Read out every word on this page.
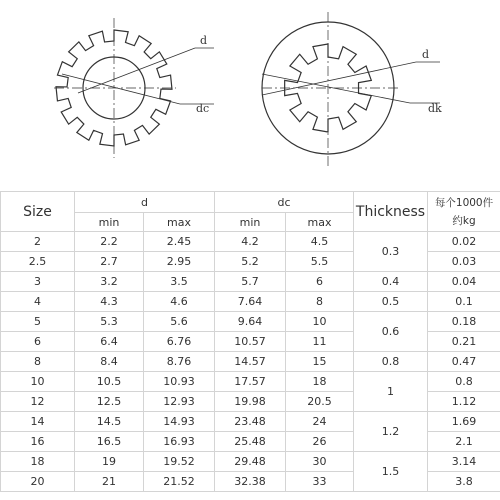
d
dc
d
dk
Size	d		dc		Thickness	每个1000件
约kg

	min	max	min	max		
2	2.2	2.45	4.2	4.5	0.3	0.02
2.5	2.7	2.95	5.2	5.5		0.03
3	3.2	3.5	5.7	6	0.4	0.04
4	4.3	4.6	7.64	8	0.5	0.1
5	5.3	5.6	9.64	10	0.6	0.18
6	6.4	6.76	10.57	11		0.21
8	8.4	8.76	14.57	15	0.8	0.47
10	10.5	10.93	17.57	18	1	0.8
12	12.5	12.93	19.98	20.5		1.12
14	14.5	14.93	23.48	24	1.2	1.69
16	16.5	16.93	25.48	26		2.1
18	19	19.52	29.48	30	1.5	3.14
20	21	21.52	32.38	33		3.8
